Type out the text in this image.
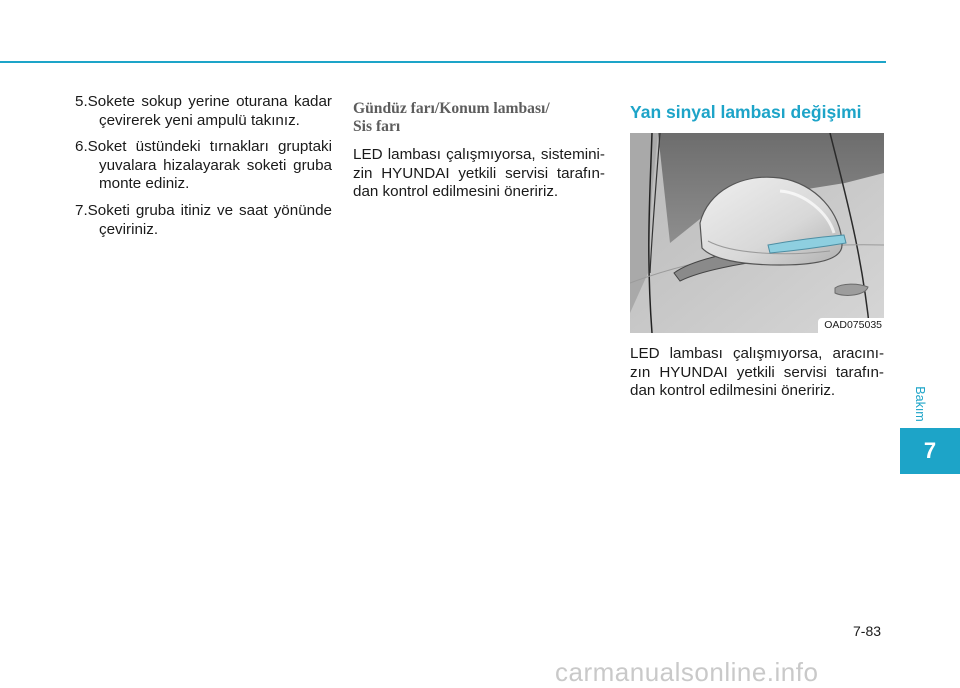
5.Sokete sokup yerine oturana kadar çevirerek yeni ampulü takınız.

6.Soket üstündeki tırnakları gruptaki yuvalara hizalayarak soketi gruba monte ediniz.

7.Soketi gruba itiniz ve saat yönünde çeviriniz.

Gündüz farı/Konum lambası/
Sis farı

LED lambası çalışmıyorsa, sistemini-zin HYUNDAI yetkili servisi tarafın-dan kontrol edilmesini öneririz.

Yan sinyal lambası değişimi
OAD075035

LED lambası çalışmıyorsa, aracını-zın HYUNDAI yetkili servisi tarafın-dan kontrol edilmesini öneririz.	Bakım
7
7-83
carmanualsonline.info
